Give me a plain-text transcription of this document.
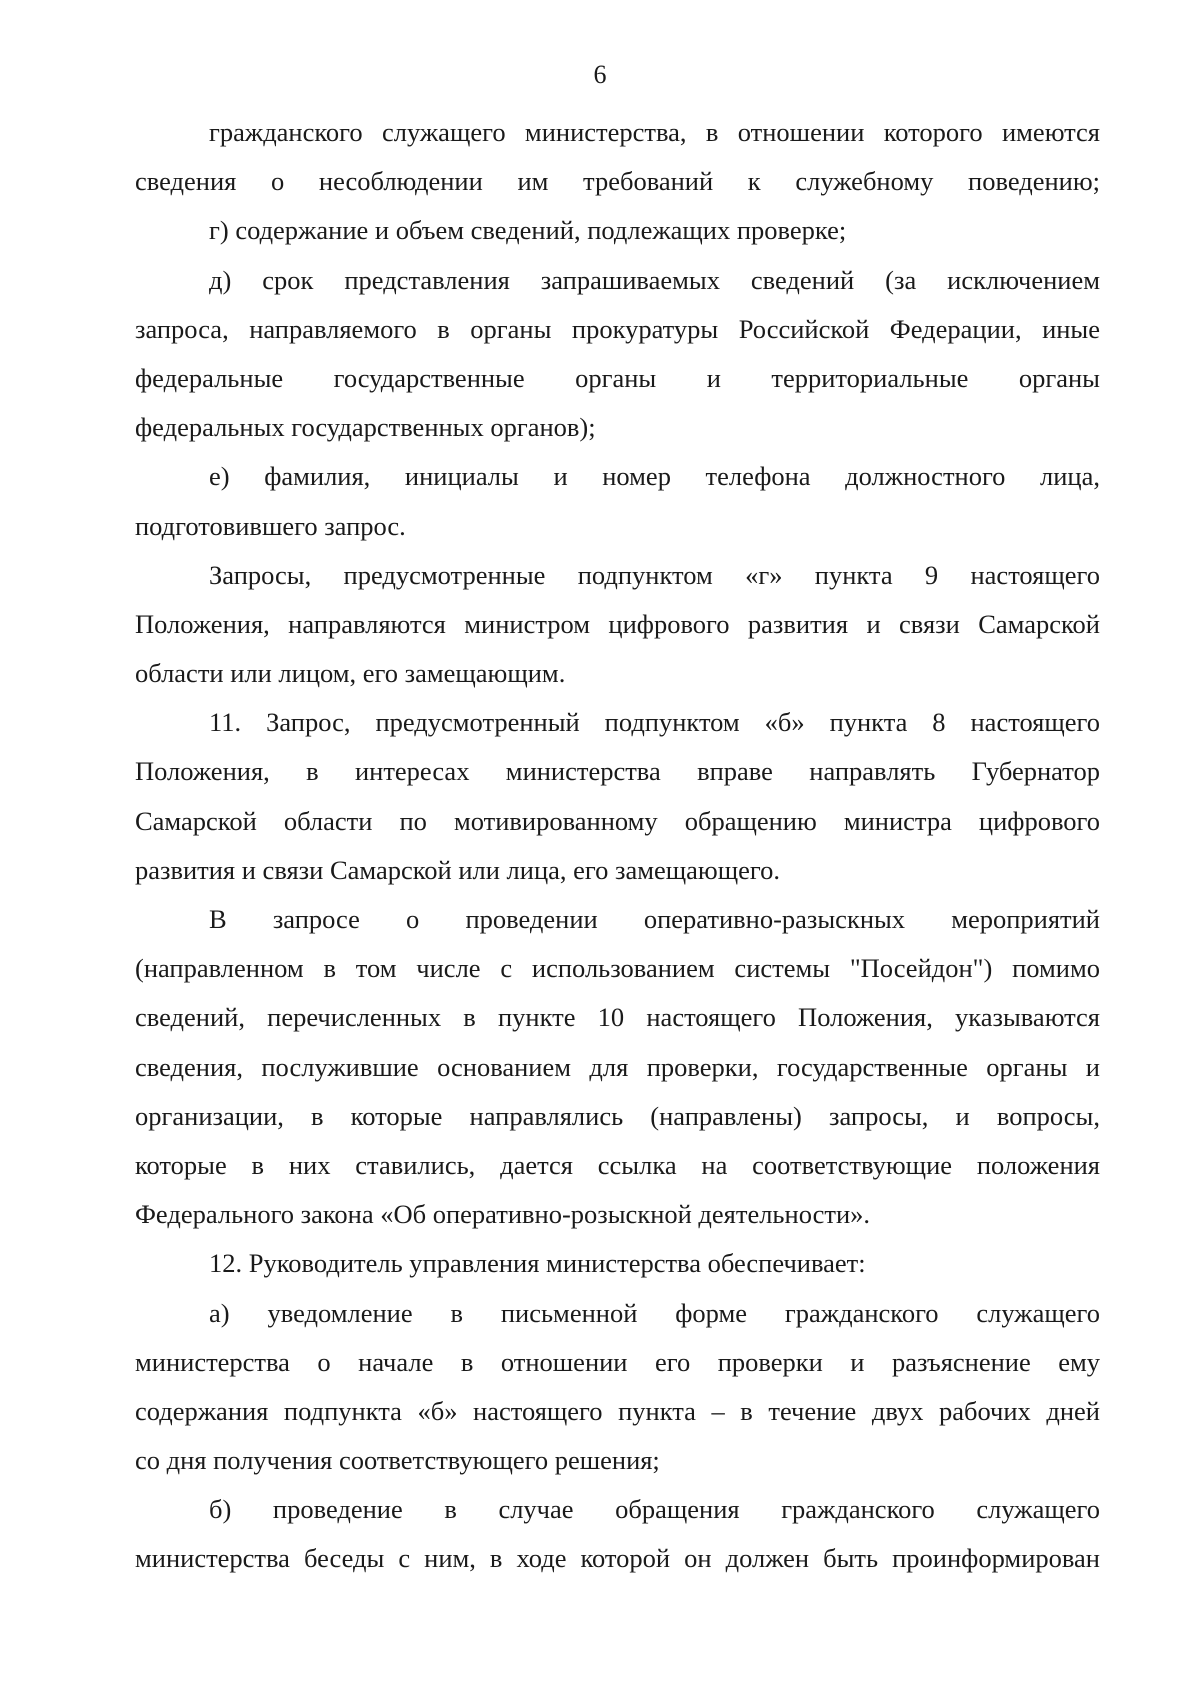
6
гражданского служащего министерства, в отношении которого имеются
сведения о несоблюдении им требований к служебному поведению;
г) содержание и объем сведений, подлежащих проверке;
д) срок представления запрашиваемых сведений (за исключением
запроса, направляемого в органы прокуратуры Российской Федерации, иные
федеральные государственные органы и территориальные органы
федеральных государственных органов);
е) фамилия, инициалы и номер телефона должностного лица,
подготовившего запрос.
Запросы, предусмотренные подпунктом «г» пункта 9 настоящего
Положения, направляются министром цифрового развития и связи Самарской
области или лицом, его замещающим.
11. Запрос, предусмотренный подпунктом «б» пункта 8 настоящего
Положения, в интересах министерства вправе направлять Губернатор
Самарской области по мотивированному обращению министра цифрового
развития и связи Самарской или лица, его замещающего.
В запросе о проведении оперативно-разыскных мероприятий
(направленном в том числе с использованием системы "Посейдон") помимо
сведений, перечисленных в пункте 10 настоящего Положения, указываются
сведения, послужившие основанием для проверки, государственные органы и
организации, в которые направлялись (направлены) запросы, и вопросы,
которые в них ставились, дается ссылка на соответствующие положения
Федерального закона «Об оперативно-розыскной деятельности».
12. Руководитель управления министерства обеспечивает:
а) уведомление в письменной форме гражданского служащего
министерства о начале в отношении его проверки и разъяснение ему
содержания подпункта «б» настоящего пункта – в течение двух рабочих дней
со дня получения соответствующего решения;
б) проведение в случае обращения гражданского служащего
министерства беседы с ним, в ходе которой он должен быть проинформирован
